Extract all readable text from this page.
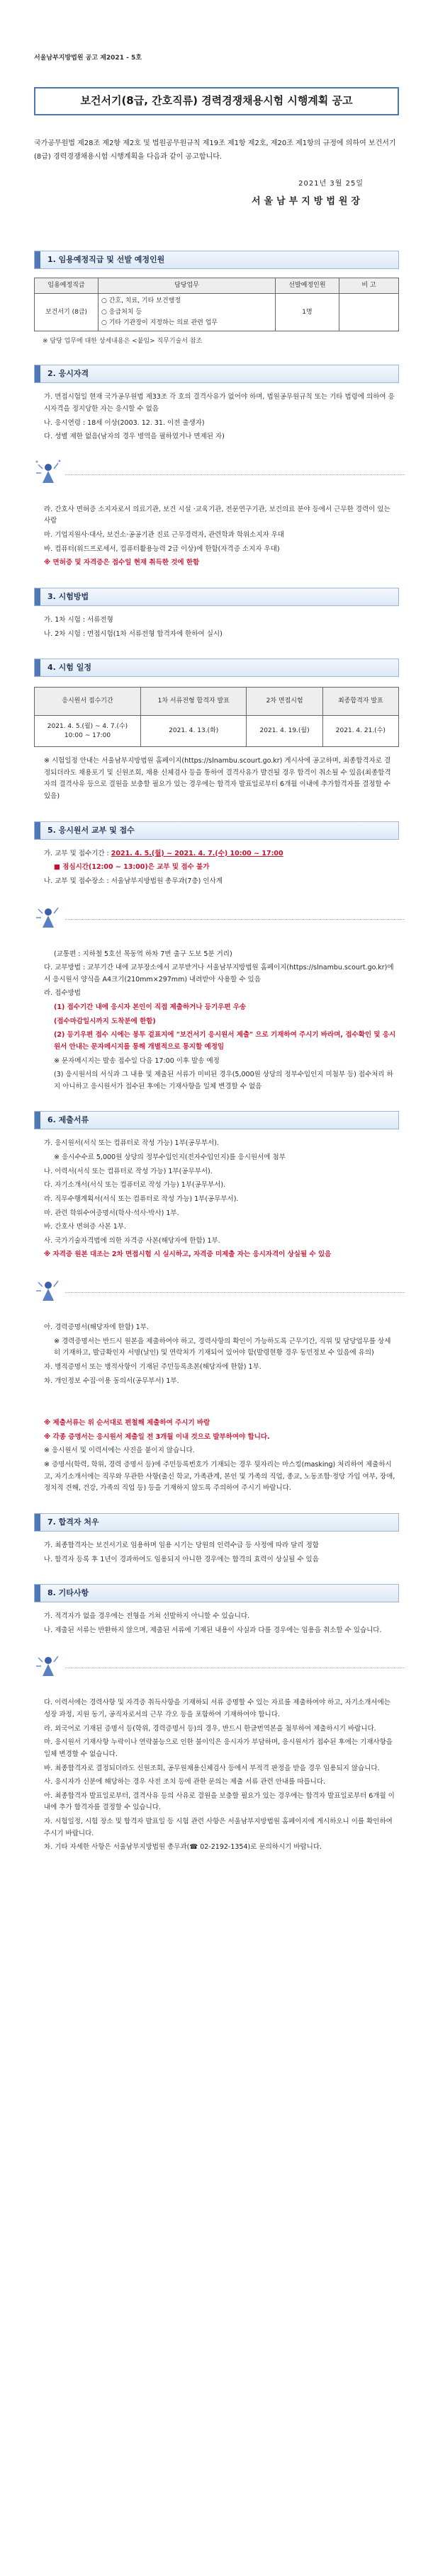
서울남부지방법원 공고 제2021 - 5호
보건서기(8급, 간호직류) 경력경쟁채용시험 시행계획 공고
국가공무원법 제28조 제2항 제2호 및 법원공무원규칙 제19조 제1항 제2호, 제20조 제1항의 규정에 의하여 보건서기(8급) 경력경쟁채용시험 시행계획을 다음과 같이 공고합니다.
2021년 3월 25일
서울남부지방법원장
1. 임용예정직급 및 선발 예정인원
임용예정직급	담당업무	선발예정인원	비 고
보건서기 (8급)	○ 간호, 치료, 기타 보건행정
○ 응급처치 등
○ 기타 기관장이 지정하는 의료 관련 업무	1명	
※ 담당 업무에 대한 상세내용은 <붙임> 직무기술서 참조
2. 응시자격

가. 면접시험일 현재 국가공무원법 제33조 각 호의 결격사유가 없어야 하며, 법원공무원규칙 또는 기타 법령에 의하여 응시자격을 정지당한 자는 응시할 수 없음

나. 응시연령 : 18세 이상(2003. 12. 31. 이전 출생자)

다. 성별 제한 없음(남자의 경우 병역을 필하였거나 면제된 자)

라. 간호사 면허증 소지자로서 의료기관, 보건 시설 ·교육기관, 전문연구기관, 보건의료 분야 등에서 근무한 경력이 있는 사람

마. 기업지원사·대사, 보건소·공공기관 진료 근무경력자, 관련학과 학위소지자 우대

바. 컴퓨터(워드프로세서, 컴퓨터활용능력 2급 이상)에 한함(자격증 소지자 우대)

※ 면허증 및 자격증은 접수일 현재 취득한 것에 한함

3. 시험방법

가. 1차 시험 : 서류전형

나. 2차 시험 : 면접시험(1차 서류전형 합격자에 한하여 실시)

4. 시험 일정
응시원서 접수기간	1차 서류전형 합격자 발표	2차 면접시험	최종합격자 발표
2021. 4. 5.(월) ~ 4. 7.(수) 10:00 ~ 17:00	2021. 4. 13.(화)	2021. 4. 19.(월)	2021. 4. 21.(수)

※ 시험일정 안내는 서울남부지방법원 홈페이지(https://slnambu.scourt.go.kr) 게시사에 공고하며, 최종합격자로 결정되더라도 채용포기 및 신원조회, 채용 신체검사 등을 통하여 결격사유가 발견될 경우 합격이 취소될 수 있음(최종합격자의 결격사유 등으로 결원을 보충할 필요가 있는 경우에는 합격자 발표일로부터 6개월 이내에 추가합격자를 결정할 수 있음)

5. 응시원서 교부 및 접수

가. 교부 및 접수기간 : 2021. 4. 5.(월) ~ 2021. 4. 7.(수) 10:00 ~ 17:00

■ 점심시간(12:00 ~ 13:00)은 교부 및 접수 불가

나. 교부 및 접수장소 : 서울남부지방법원 총무과(7층) 인사계

(교통편 : 지하철 5호선 목동역 하차 7번 출구 도보 5분 거리)

다. 교부방법 : 교부기간 내에 교부장소에서 교부받거나 서울남부지방법원 홈페이지(https://slnambu.scourt.go.kr)에서 응시원서 양식을 A4크기(210mm×297mm) 내려받아 사용할 수 있음

라. 접수방법

(1) 접수기간 내에 응시자 본인이 직접 제출하거나 등기우편 우송

(접수마감일시까지 도착분에 한함)

(2) 등기우편 접수 시에는 봉투 겉표지에 "보건서기 응시원서 제출" 으로 기재하여 주시기 바라며, 접수확인 및 응시원서 안내는 문자메시지를 통해 개별적으로 통지할 예정임

※ 문자메시지는 발송 접수일 다음 17:00 이후 발송 예정

(3) 응시원서의 서식과 그 내용 및 제출된 서류가 미비된 경우(5,000원 상당의 정부수입인지 미첨부 등) 접수처리 하지 아니하고 응시원서가 접수된 후에는 기재사항을 일체 변경할 수 없음

6. 제출서류

가. 응시원서(서식 또는 컴퓨터로 작성 가능) 1부(공무부서).

※ 응시수수료 5,000원 상당의 정부수입인지(전자수입인지)를 응시원서에 첨부

나. 이력서(서식 또는 컴퓨터로 작성 가능) 1부(공무부서).

다. 자기소개서(서식 또는 컴퓨터로 작성 가능) 1부(공무부서).

라. 직무수행계획서(서식 또는 컴퓨터로 작성 가능) 1부(공무부서).

마. 관련 학위수여증명서(학사·석사·박사) 1부.

바. 간호사 면허증 사본 1부.

사. 국가기술자격법에 의한 자격증 사본(해당자에 한함) 1부.

※ 자격증 원본 대조는 2차 면접시험 시 실시하고, 자격증 미제출 자는 응시자격이 상실될 수 있음

아. 경력증명서(해당자에 한함) 1부.

※ 경력증명서는 반드시 원본을 제출하여야 하고, 경력사항의 확인이 가능하도록 근무기간, 직위 및 담당업무를 상세히 기재하고, 발급확인자 서명(날인) 및 연락처가 기재되어 있어야 함(발령현황 경우 동민정보 수 있음에 유의)

자. 병적증명서 또는 병적사항이 기재된 주민등록초본(해당자에 한함) 1부.

차. 개인정보 수집·이용 동의서(공무부서) 1부.

※ 제출서류는 위 순서대로 편철해 제출하여 주시기 바람

※ 각종 증명서는 응시원서 제출일 전 3개월 이내 것으로 발부하여야 합니다.

※ 응시원서 및 이력서에는 사진을 붙이지 않습니다.

※ 증명서(학력, 학위, 경력 증명서 등)에 주민등록번호가 기재되는 경우 뒷자리는 마스킹(masking) 처리하여 제출하시고, 자기소개서에는 직무와 무관한 사항(출신 학교, 가족관계, 본인 및 가족의 직업, 종교, 노동조합·정당 가입 여부, 장애, 정치적 견해, 건강, 가족의 직업 등) 등을 기재하지 않도록 주의하여 주시기 바랍니다.

7. 합격자 처우

가. 최종합격자는 보건서기로 임용하며 임용 시기는 당원의 인력수급 등 사정에 따라 달리 정함

나. 합격자 등록 후 1년이 경과하여도 임용되지 아니한 경우에는 합격의 효력이 상실될 수 있음

8. 기타사항

가. 적격자가 없을 경우에는 전형을 거쳐 선발하지 아니할 수 있습니다.

나. 제출된 서류는 반환하지 않으며, 제출된 서류에 기재된 내용이 사실과 다를 경우에는 임용을 취소할 수 있습니다.

다. 이력서에는 경력사항 및 자격증 취득사항을 기재하되 서류 증명할 수 있는 자료를 제출하여야 하고, 자기소개서에는 성장 과정, 지원 동기, 공직자로서의 근무 각오 등을 포함하여 기재하여야 합니다.

라. 외국어로 기재된 증명서 등(학위, 경력증명서 등)의 경우, 반드시 한글번역본을 첨부하여 제출하시기 바랍니다.

마. 응시원서 기재사항 누락이나 연락불능으로 인한 불이익은 응시자가 부담하며, 응시원서가 접수된 후에는 기재사항을 일체 변경할 수 없습니다.

바. 최종합격자로 결정되더라도 신원조회, 공무원채용신체검사 등에서 부적격 판정을 받을 경우 임용되지 않습니다.

사. 응시자가 신분에 해당하는 경우 사전 조치 등에 관한 문의는 제출 서류 관련 안내를 따릅니다.

아. 최종합격자 발표일로부터, 결격사유 등의 사유로 결원을 보충할 필요가 있는 경우에는 합격자 발표일로부터 6개월 이내에 추가 합격자를 결정할 수 있습니다.

자. 시험일정, 시험 장소 및 합격자 발표일 등 시험 관련 사항은 서울남부지방법원 홈페이지에 게시하오니 이를 확인하여 주시기 바랍니다.

차. 기타 자세한 사항은 서울남부지방법원 총무과(☎ 02-2192-1354)로 문의하시기 바랍니다.
